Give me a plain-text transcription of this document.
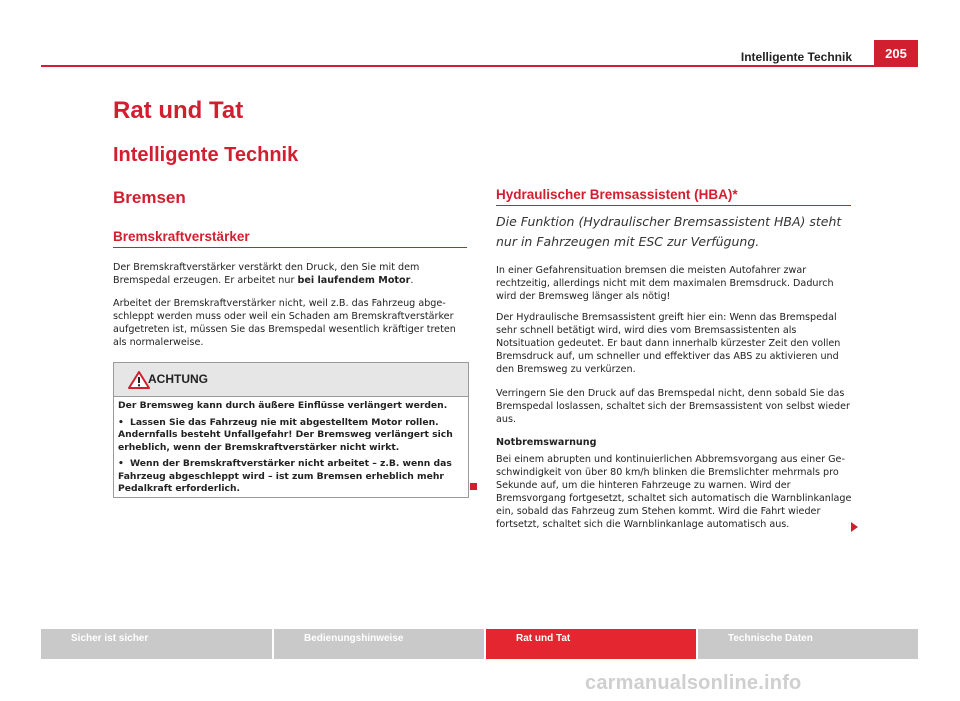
Intelligente Technik	205
Rat und Tat
Intelligente Technik
Bremsen
Bremskraftverstärker

Der Bremskraftverstärker verstärkt den Druck, den Sie mit dem Bremspedal erzeugen. Er arbeitet nur bei laufendem Motor.

Arbeitet der Bremskraftverstärker nicht, weil z.B. das Fahrzeug abgeschleppt werden muss oder weil ein Schaden am Bremskraftverstärker aufgetreten ist, müssen Sie das Bremspedal wesentlich kräftiger treten als normalerweise.

ACHTUNG

Der Bremsweg kann durch äußere Einflüsse verlängert werden.

• Lassen Sie das Fahrzeug nie mit abgestelltem Motor rollen. Andernfalls besteht Unfallgefahr! Der Bremsweg verlängert sich erheblich, wenn der Bremskraftverstärker nicht wirkt.

• Wenn der Bremskraftverstärker nicht arbeitet – z.B. wenn das Fahrzeug abgeschleppt wird – ist zum Bremsen erheblich mehr Pedalkraft erforderlich.

Hydraulischer Bremsassistent (HBA)*

Die Funktion (Hydraulischer Bremsassistent HBA) steht nur in Fahrzeugen mit ESC zur Verfügung.

In einer Gefahrensituation bremsen die meisten Autofahrer zwar rechtzeitig, allerdings nicht mit dem maximalen Bremsdruck. Dadurch wird der Bremsweg länger als nötig!

Der Hydraulische Bremsassistent greift hier ein: Wenn das Bremspedal sehr schnell betätigt wird, wird dies vom Bremsassistenten als Notsituation gedeutet. Er baut dann innerhalb kürzester Zeit den vollen Bremsdruck auf, um schneller und effektiver das ABS zu aktivieren und den Bremsweg zu verkürzen.

Verringern Sie den Druck auf das Bremspedal nicht, denn sobald Sie das Bremspedal loslassen, schaltet sich der Bremsassistent von selbst wieder aus.

Notbremswarnung

Bei einem abrupten und kontinuierlichen Abbremsvorgang aus einer Geschwindigkeit von über 80 km/h blinken die Bremslichter mehrmals pro Sekunde auf, um die hinteren Fahrzeuge zu warnen. Wird der Bremsvorgang fortgesetzt, schaltet sich automatisch die Warnblinkanlage ein, sobald das Fahrzeug zum Stehen kommt. Wird die Fahrt wieder fortsetzt, schaltet sich die Warnblinkanlage automatisch aus.

Sicher ist sicher	Bedienungshinweise	Rat und Tat	Technische Daten
carmanualsonline.info
